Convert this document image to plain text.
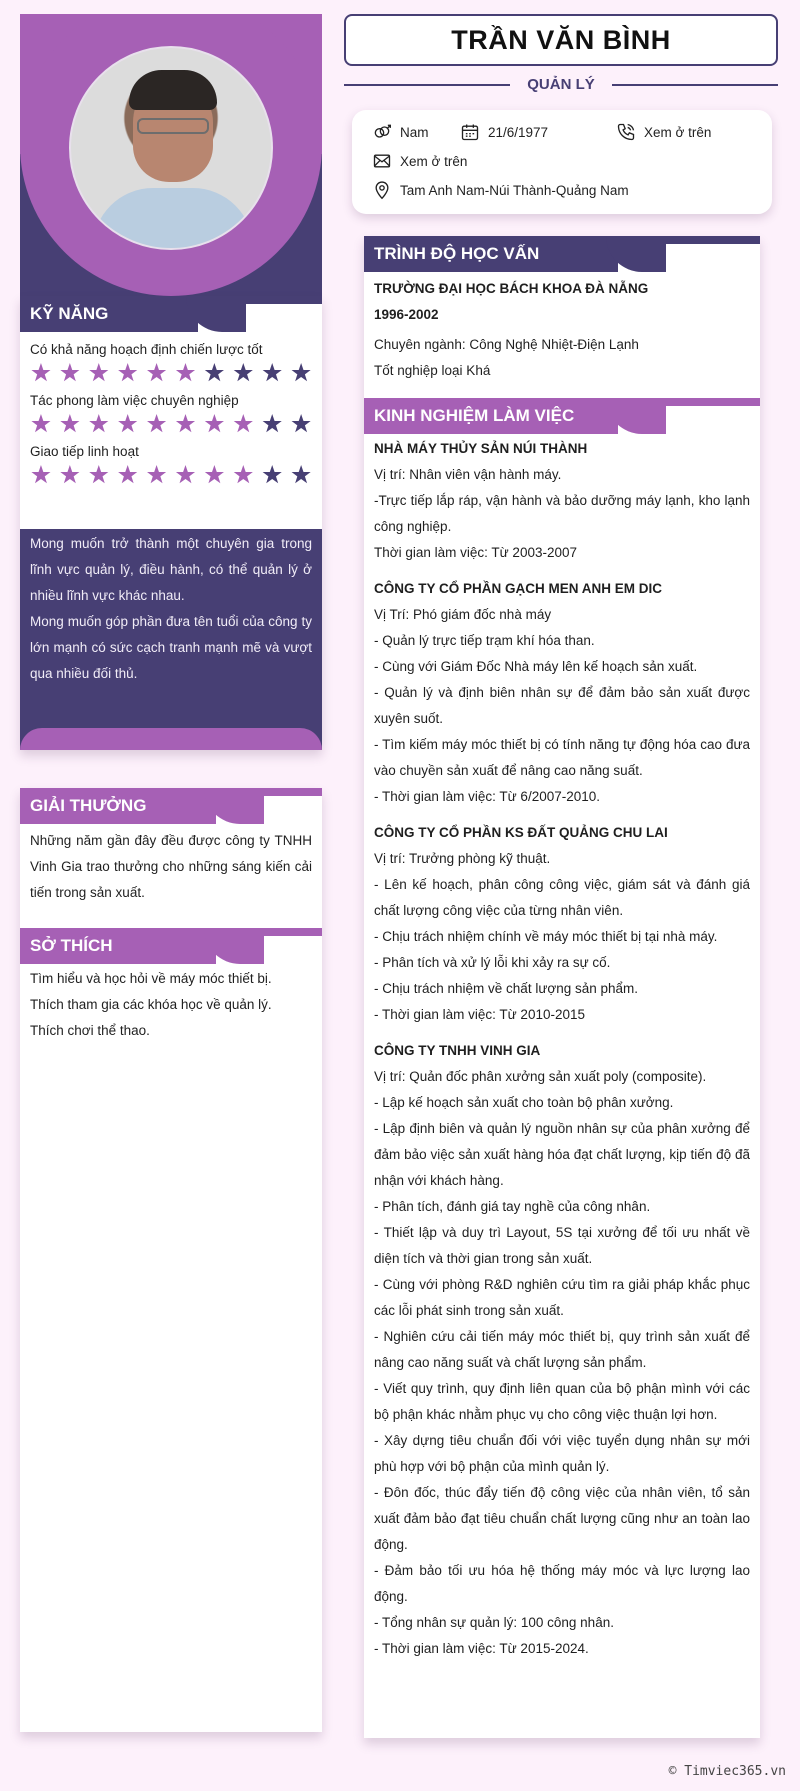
KỸ NĂNG
Có khả năng hoạch định chiến lược tốt
Tác phong làm việc chuyên nghiệp
Giao tiếp linh hoạt
Mong muốn trở thành một chuyên gia trong lĩnh vực quản lý, điều hành, có thể quản lý ở nhiều lĩnh vực khác nhau.
Mong muốn góp phần đưa tên tuổi của công ty lớn mạnh có sức cạch tranh mạnh mẽ và vượt qua nhiều đối thủ.
GIẢI THƯỞNG
Những năm gần đây đều được công ty TNHH Vinh Gia trao thưởng cho những sáng kiến cải tiến trong sản xuất.
SỞ THÍCH
Tìm hiểu và học hỏi về máy móc thiết bị.
Thích tham gia các khóa học về quản lý.
Thích chơi thể thao.
TRẦN VĂN BÌNH
QUẢN LÝ
Nam	21/6/1977	Xem ở trên
Xem ở trên
Tam Anh Nam-Núi Thành-Quảng Nam
TRÌNH ĐỘ HỌC VẤN
TRƯỜNG ĐẠI HỌC BÁCH KHOA ĐÀ NẴNG
1996-2002
Chuyên ngành: Công Nghệ Nhiệt-Điện Lạnh
Tốt nghiệp loại Khá
KINH NGHIỆM LÀM VIỆC
NHÀ MÁY THỦY SẢN NÚI THÀNH
Vị trí: Nhân viên vận hành máy.
-Trực tiếp lắp ráp, vận hành và bảo dưỡng máy lạnh, kho lạnh công nghiệp.
Thời gian làm việc: Từ 2003-2007
CÔNG TY CỔ PHẦN GẠCH MEN ANH EM DIC
Vị Trí: Phó giám đốc nhà máy
- Quản lý trực tiếp trạm khí hóa than.
- Cùng với Giám Đốc Nhà máy lên kế hoạch sản xuất.
- Quản lý và định biên nhân sự để đảm bảo sản xuất được xuyên suốt.
- Tìm kiếm máy móc thiết bị có tính năng tự động hóa cao đưa vào chuyền sản xuất để nâng cao năng suất.
- Thời gian làm việc: Từ 6/2007-2010.
CÔNG TY CỔ PHẦN KS ĐẤT QUẢNG CHU LAI
Vị trí: Trưởng phòng kỹ thuật.
- Lên kế hoạch, phân công công việc, giám sát và đánh giá chất lượng công việc của từng nhân viên.
- Chịu trách nhiệm chính về máy móc thiết bị tại nhà máy.
- Phân tích và xử lý lỗi khi xảy ra sự cố.
- Chịu trách nhiệm về chất lượng sản phẩm.
- Thời gian làm việc: Từ 2010-2015
CÔNG TY TNHH VINH GIA
Vị trí: Quản đốc phân xưởng sản xuất poly (composite).
- Lập kế hoạch sản xuất cho toàn bộ phân xưởng.
- Lập định biên và quản lý nguồn nhân sự của phân xưởng để đảm bảo việc sản xuất hàng hóa đạt chất lượng, kịp tiến độ đã nhận với khách hàng.
- Phân tích, đánh giá tay nghề của công nhân.
- Thiết lập và duy trì Layout, 5S tại xưởng để tối ưu nhất về diện tích và thời gian trong sản xuất.
- Cùng với phòng R&D nghiên cứu tìm ra giải pháp khắc phục các lỗi phát sinh trong sản xuất.
- Nghiên cứu cải tiến máy móc thiết bị, quy trình sản xuất để nâng cao năng suất và chất lượng sản phẩm.
- Viết quy trình, quy định liên quan của bộ phận mình với các bộ phận khác nhằm phục vụ cho công việc thuận lợi hơn.
- Xây dựng tiêu chuẩn đối với việc tuyển dụng nhân sự mới phù hợp với bộ phận của mình quản lý.
- Đôn đốc, thúc đẩy tiến độ công việc của nhân viên, tổ sản xuất đảm bảo đạt tiêu chuẩn chất lượng cũng như an toàn lao động.
- Đảm bảo tối ưu hóa hệ thống máy móc và lực lượng lao động.
- Tổng nhân sự quản lý: 100 công nhân.
- Thời gian làm việc: Từ 2015-2024.
© Timviec365.vn
